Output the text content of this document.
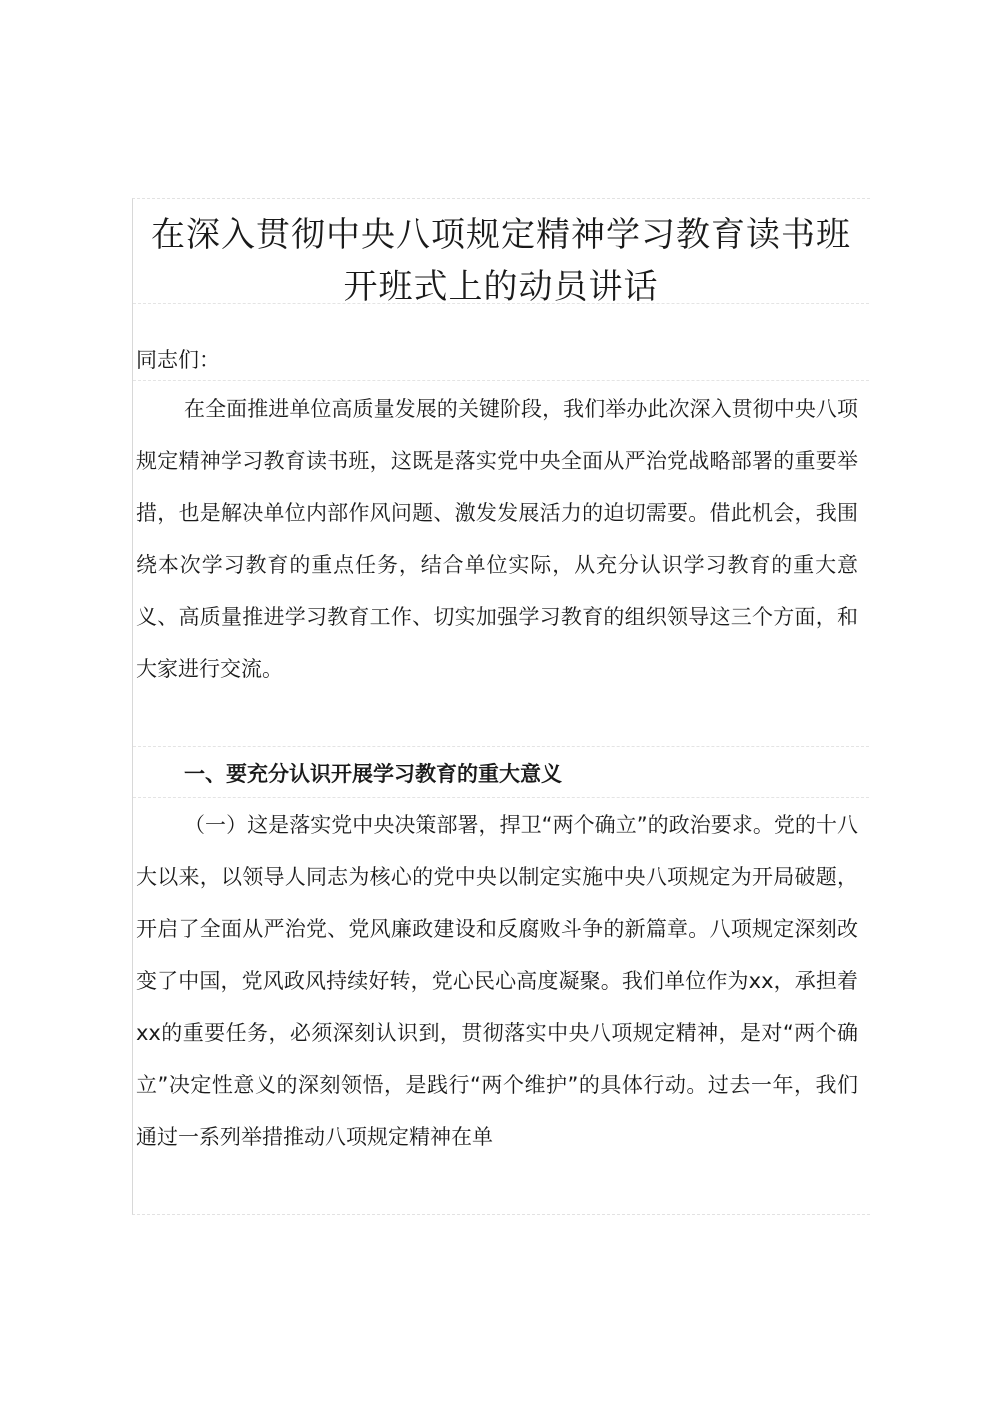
在深入贯彻中央八项规定精神学习教育读书班
开班式上的动员讲话
同志们：

在全面推进单位高质量发展的关键阶段，我们举办此次深入贯彻中央八项规定精神学习教育读书班，这既是落实党中央全面从严治党战略部署的重要举措，也是解决单位内部作风问题、激发发展活力的迫切需要。借此机会，我围绕本次学习教育的重点任务，结合单位实际，从充分认识学习教育的重大意义、高质量推进学习教育工作、切实加强学习教育的组织领导这三个方面，和大家进行交流。

一、要充分认识开展学习教育的重大意义

（一）这是落实党中央决策部署，捍卫“两个确立”的政治要求。党的十八大以来，以领导人同志为核心的党中央以制定实施中央八项规定为开局破题，开启了全面从严治党、党风廉政建设和反腐败斗争的新篇章。八项规定深刻改变了中国，党风政风持续好转，党心民心高度凝聚。我们单位作为xx，承担着xx的重要任务，必须深刻认识到，贯彻落实中央八项规定精神，是对“两个确立”决定性意义的深刻领悟，是践行“两个维护”的具体行动。过去一年，我们通过一系列举措推动八项规定精神在单
